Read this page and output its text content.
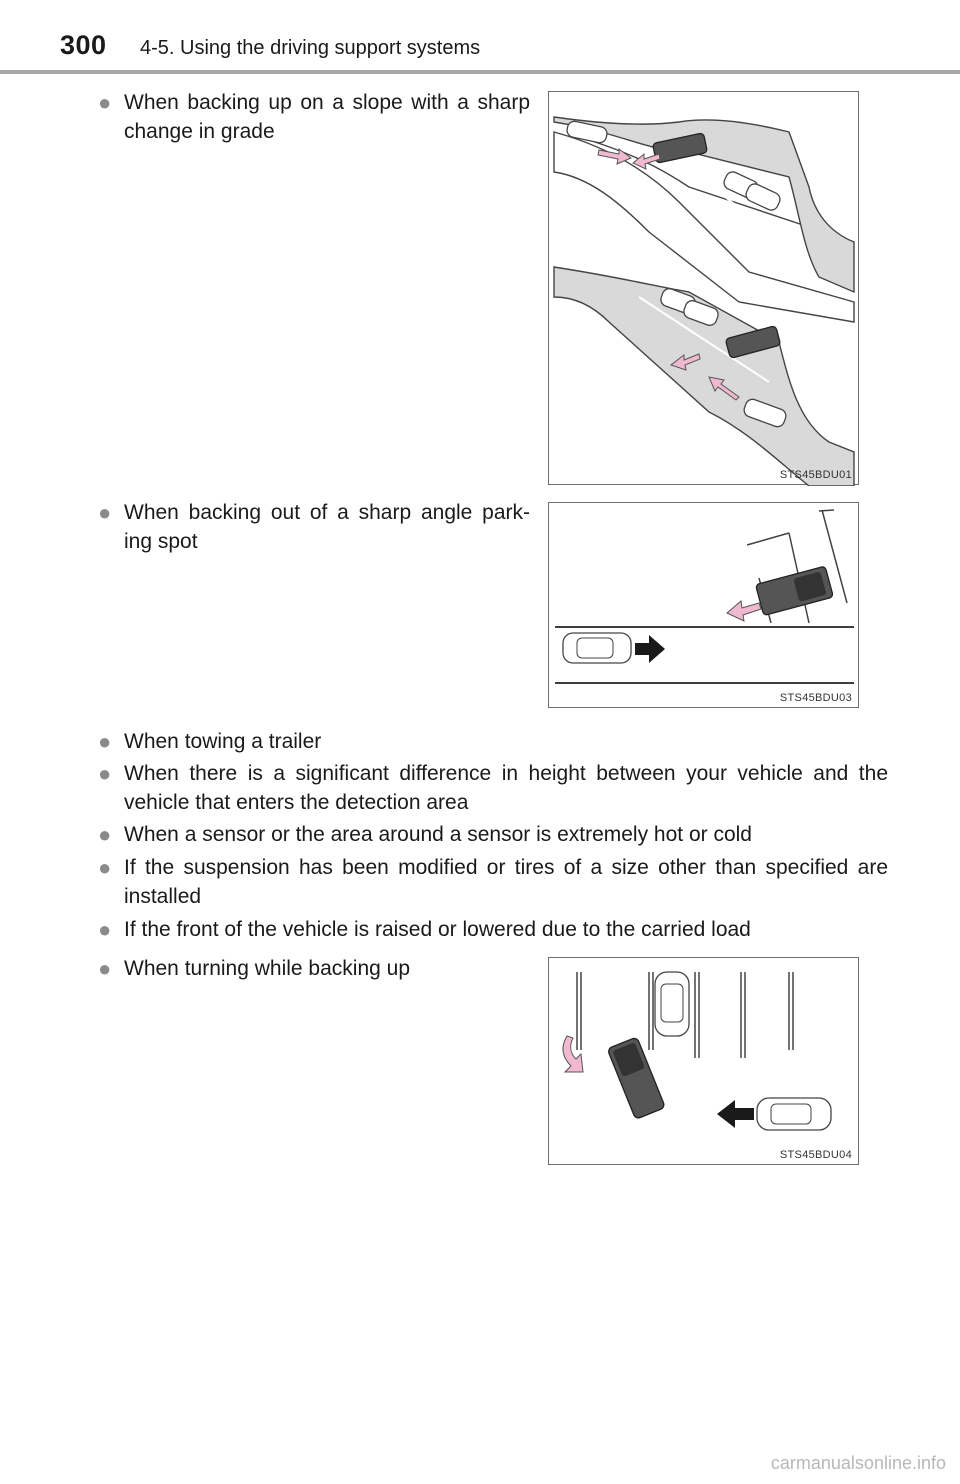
300 4-5. Using the driving support systems
● When backing up on a slope with a sharp change in grade
STS45BDU01
● When backing out of a sharp angle park-ing spot
STS45BDU03
● When towing a trailer
● When there is a significant difference in height between your vehicle and the vehicle that enters the detection area
● When a sensor or the area around a sensor is extremely hot or cold
● If the suspension has been modified or tires of a size other than specified are installed
● If the front of the vehicle is raised or lowered due to the carried load
● When turning while backing up
STS45BDU04
carmanualsonline.info
